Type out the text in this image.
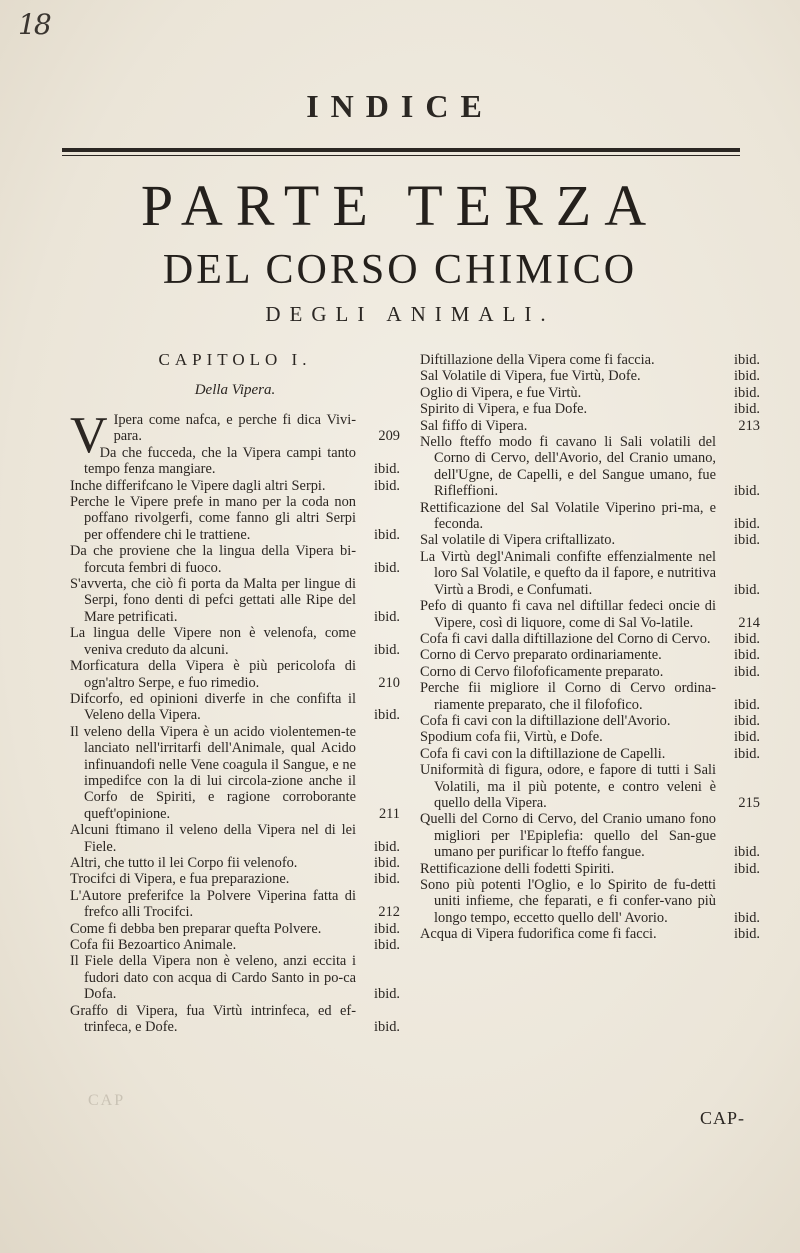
18
INDICE
PARTE TERZA
DEL CORSO CHIMICO
DEGLI ANIMALI.
CAPITOLO I.
Della Vipera.
V Ipera come nafca, e perche fi dica Vivi-para.	209
Da che fucceda, che la Vipera campi tanto tempo fenza mangiare.	ibid.
Inche differifcano le Vipere dagli altri Serpi.	ibid.
Perche le Vipere prefe in mano per la coda non poffano rivolgerfi, come fanno gli altri Serpi per offendere chi le trattiene.	ibid.
Da che proviene che la lingua della Vipera bi-forcuta fembri di fuoco.	ibid.
S'avverta, che ciò fi porta da Malta per lingue di Serpi, fono denti di pefci gettati alle Ripe del Mare petrificati.	ibid.
La lingua delle Vipere non è velenofa, come veniva creduto da alcuni.	ibid.
Morficatura della Vipera è più pericolofa di ogn'altro Serpe, e fuo rimedio.	210
Difcorfo, ed opinioni diverfe in che confifta il Veleno della Vipera.	ibid.
Il veleno della Vipera è un acido violentemen-te lanciato nell'irritarfi dell'Animale, qual Acido infinuandofi nelle Vene coagula il Sangue, e ne impedifce con la di lui circola-zione anche il Corfo de Spiriti, e ragione corroborante queft'opinione.	211
Alcuni ftimano il veleno della Vipera nel di lei Fiele.	ibid.
Altri, che tutto il lei Corpo fii velenofo.	ibid.
Trocifci di Vipera, e fua preparazione.	ibid.
L'Autore preferifce la Polvere Viperina fatta di frefco alli Trocifci.	212
Come fi debba ben preparar quefta Polvere.	ibid.
Cofa fii Bezoartico Animale.	ibid.
Il Fiele della Vipera non è veleno, anzi eccita i fudori dato con acqua di Cardo Santo in po-ca Dofa.	ibid.
Graffo di Vipera, fua Virtù intrinfeca, ed ef-trinfeca, e Dofe.	ibid.
Diftillazione della Vipera come fi faccia.	ibid.
Sal Volatile di Vipera, fue Virtù, Dofe.	ibid.
Oglio di Vipera, e fue Virtù.	ibid.
Spirito di Vipera, e fua Dofe.	ibid.
Sal fiffo di Vipera.	213
Nello fteffo modo fi cavano li Sali volatili del Corno di Cervo, dell'Avorio, del Cranio umano, dell'Ugne, de Capelli, e del Sangue umano, fue Rifleffioni.	ibid.
Rettificazione del Sal Volatile Viperino pri-ma, e feconda.	ibid.
Sal volatile di Vipera criftallizato.	ibid.
La Virtù degl'Animali confifte effenzialmente nel loro Sal Volatile, e quefto da il fapore, e nutritiva Virtù a Brodi, e Confumati.	ibid.
Pefo di quanto fi cava nel diftillar fedeci oncie di Vipere, così di liquore, come di Sal Vo-latile.	214
Cofa fi cavi dalla diftillazione del Corno di Cervo.	ibid.
Corno di Cervo preparato ordinariamente.	ibid.
Corno di Cervo filofoficamente preparato.	ibid.
Perche fii migliore il Corno di Cervo ordina-riamente preparato, che il filofofico.	ibid.
Cofa fi cavi con la diftillazione dell'Avorio.	ibid.
Spodium cofa fii, Virtù, e Dofe.	ibid.
Cofa fi cavi con la diftillazione de Capelli.	ibid.
Uniformità di figura, odore, e fapore di tutti i Sali Volatili, ma il più potente, e contro veleni è quello della Vipera.	215
Quelli del Corno di Cervo, del Cranio umano fono migliori per l'Epiplefia: quello del San-gue umano per purificar lo fteffo fangue.	ibid.
Rettificazione delli fodetti Spiriti.	ibid.
Sono più potenti l'Oglio, e lo Spirito de fu-detti uniti infieme, che feparati, e fi confer-vano più longo tempo, eccetto quello dell' Avorio.	ibid.
Acqua di Vipera fudorifica come fi facci.	ibid.
CAP
CAP-
